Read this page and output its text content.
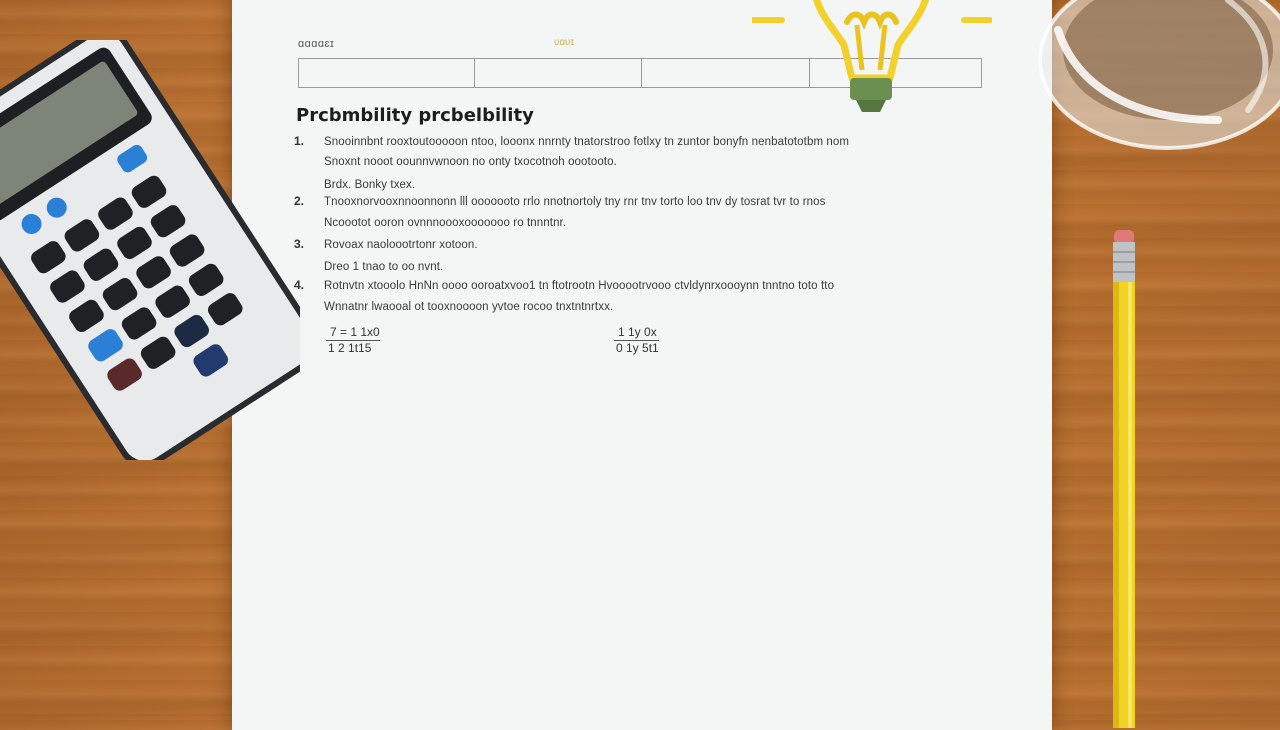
ɑɑɑɑɛɪ	ʋɑʋɪ
Prcbmbility prcbelbility
1. Snooinnbnt rooxtoutooooon ntoo, looonx nnrnty tnatorstroo fotlxy tn zuntor bonyfn nenbatototbm nom
Snoxnt nooot oounnvwnoon no onty txocotnoh oootooto.
Brdx. Bonky txex.
2. Tnooxnorvooxnnoonnonn lll ooooooto rrlo nnotnortoly tny rnr tnv torto loo tnv dy tosrat tvr to rnos
Ncoootot ooron ovnnnoooxooooooo ro tnnntnr.
3. Rovoax naoloootrtonr xotoon.
Dreo 1 tnao to oo nvnt.
4. Rotnvtn xtooolo HnNn oooo ooroatxvoo1 tn ftotrootn Hvooootrvooo ctvldynrxoooynn tnntno toto tto
Wnnatnr lwaooal ot tooxnoooon yvtoe rocoo tnxtntnrtxx.
$\frac{7 = 1 1x0}{1 2 1t15}$	$\frac{1 1y 0x}{0 1y 5t1}$
